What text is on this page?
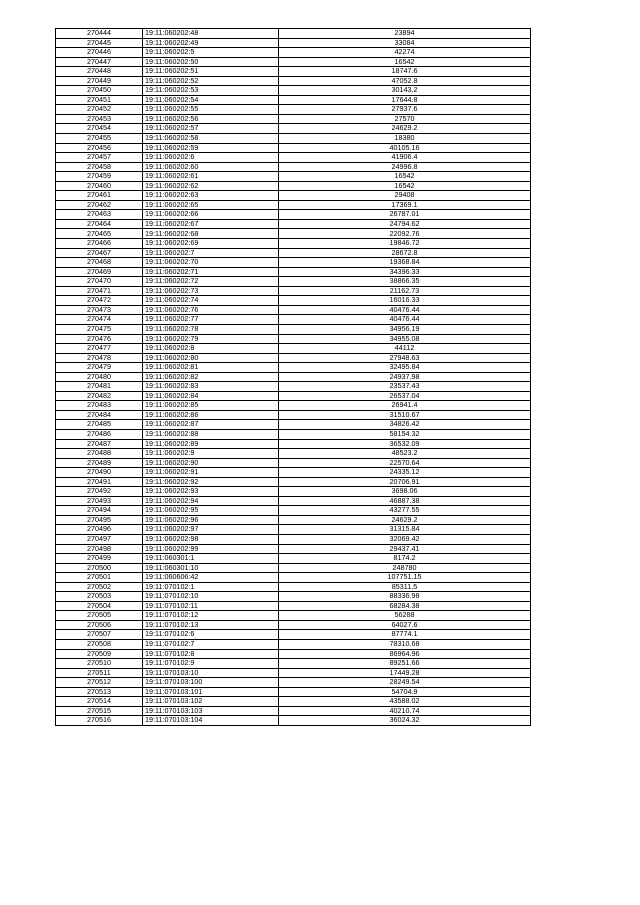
270444	19:11:060202:48	23894
270445	19:11:060202:49	33084
270446	19:11:060202:5	42274
270447	19:11:060202:50	16542
270448	19:11:060202:51	18747.6
270449	19:11:060202:52	47052.8
270450	19:11:060202:53	30143.2
270451	19:11:060202:54	17644.8
270452	19:11:060202:55	27937.6
270453	19:11:060202:56	27570
270454	19:11:060202:57	24629.2
270455	19:11:060202:58	18380
270456	19:11:060202:59	40105.16
270457	19:11:060202:6	41906.4
270458	19:11:060202:60	24996.8
270459	19:11:060202:61	16542
270460	19:11:060202:62	16542
270461	19:11:060202:63	29408
270462	19:11:060202:65	17369.1
270463	19:11:060202:66	26787.01
270464	19:11:060202:67	24794.62
270465	19:11:060202:68	22092.76
270466	19:11:060202:69	19846.72
270467	19:11:060202:7	28672.8
270468	19:11:060202:70	19368.84
270469	19:11:060202:71	34396.33
270470	19:11:060202:72	38866.35
270471	19:11:060202:73	21162.73
270472	19:11:060202:74	16016.33
270473	19:11:060202:76	40476.44
270474	19:11:060202:77	40476.44
270475	19:11:060202:78	34956.19
270476	19:11:060202:79	34955.08
270477	19:11:060202:8	44112
270478	19:11:060202:80	27948.63
270479	19:11:060202:81	32495.84
270480	19:11:060202:82	24937.98
270481	19:11:060202:83	23537.43
270482	19:11:060202:84	26537.04
270483	19:11:060202:85	26941.4
270484	19:11:060202:86	31510.67
270485	19:11:060202:87	34826.42
270486	19:11:060202:88	58154.32
270487	19:11:060202:89	36532.09
270488	19:11:060202:9	48523.2
270489	19:11:060202:90	22570.64
270490	19:11:060202:91	24335.12
270491	19:11:060202:92	20706.91
270492	19:11:060202:93	3698.06
270493	19:11:060202:94	46887.38
270494	19:11:060202:95	43277.55
270495	19:11:060202:96	24629.2
270496	19:11:060202:97	31315.84
270497	19:11:060202:98	32069.42
270498	19:11:060202:99	29437.41
270499	19:11:060301:1	8174.2
270500	19:11:060301:10	248780
270501	19:11:060606:42	107751.15
270502	19:11:070102:1	85311.5
270503	19:11:070102:10	88336.98
270504	19:11:070102:11	68284.38
270505	19:11:070102:12	56288
270506	19:11:070102:13	64027.6
270507	19:11:070102:6	87774.1
270508	19:11:070102:7	78310.68
270509	19:11:070102:8	86964.96
270510	19:11:070102:9	89251.66
270511	19:11:070103:10	17449.28
270512	19:11:070103:100	28249.54
270513	19:11:070103:101	54704.9
270514	19:11:070103:102	43588.02
270515	19:11:070103:103	40210.74
270516	19:11:070103:104	36024.32
